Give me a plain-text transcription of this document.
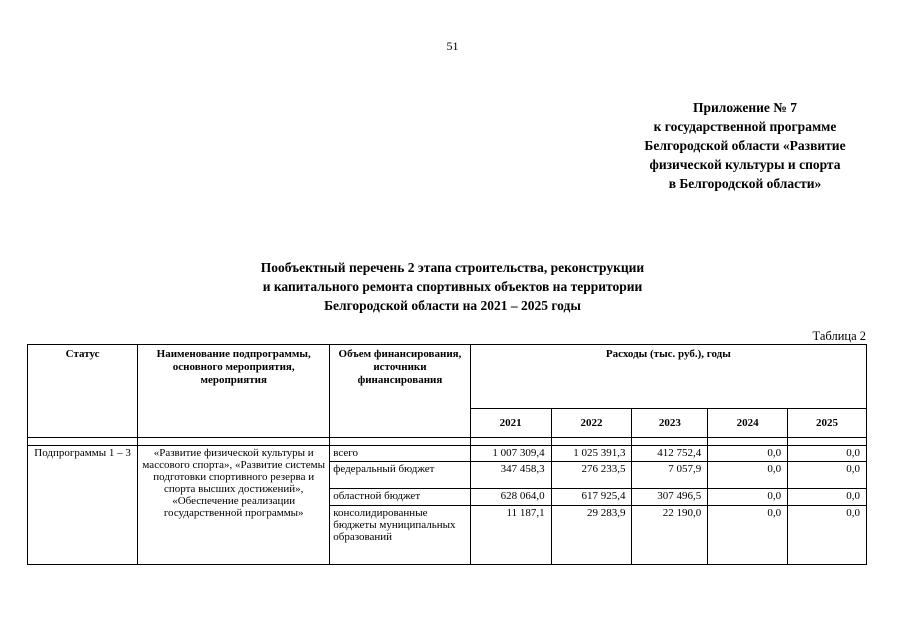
51
Приложение № 7
к государственной программе
Белгородской области «Развитие
физической культуры и спорта
в Белгородской области»
Пообъектный перечень 2 этапа строительства, реконструкции
и капитального ремонта спортивных объектов на территории
Белгородской области на 2021 – 2025 годы
Таблица 2
Статус	Наименование подпрограммы, основного мероприятия, мероприятия	Объем финансирования, источники финансирования	Расходы (тыс. руб.), годы				
			2021	2022	2023	2024	2025

Подпрограммы 1 – 3	«Развитие физической культуры и массового спорта», «Развитие системы подготовки спортивного резерва и спорта высших достижений», «Обеспечение реализации государственной программы»	всего	1 007 309,4	1 025 391,3	412 752,4	0,0	0,0
		федеральный бюджет	347 458,3	276 233,5	7 057,9	0,0	0,0
		областной бюджет	628 064,0	617 925,4	307 496,5	0,0	0,0
		консолидированные бюджеты муниципальных образований	11 187,1	29 283,9	22 190,0	0,0	0,0
